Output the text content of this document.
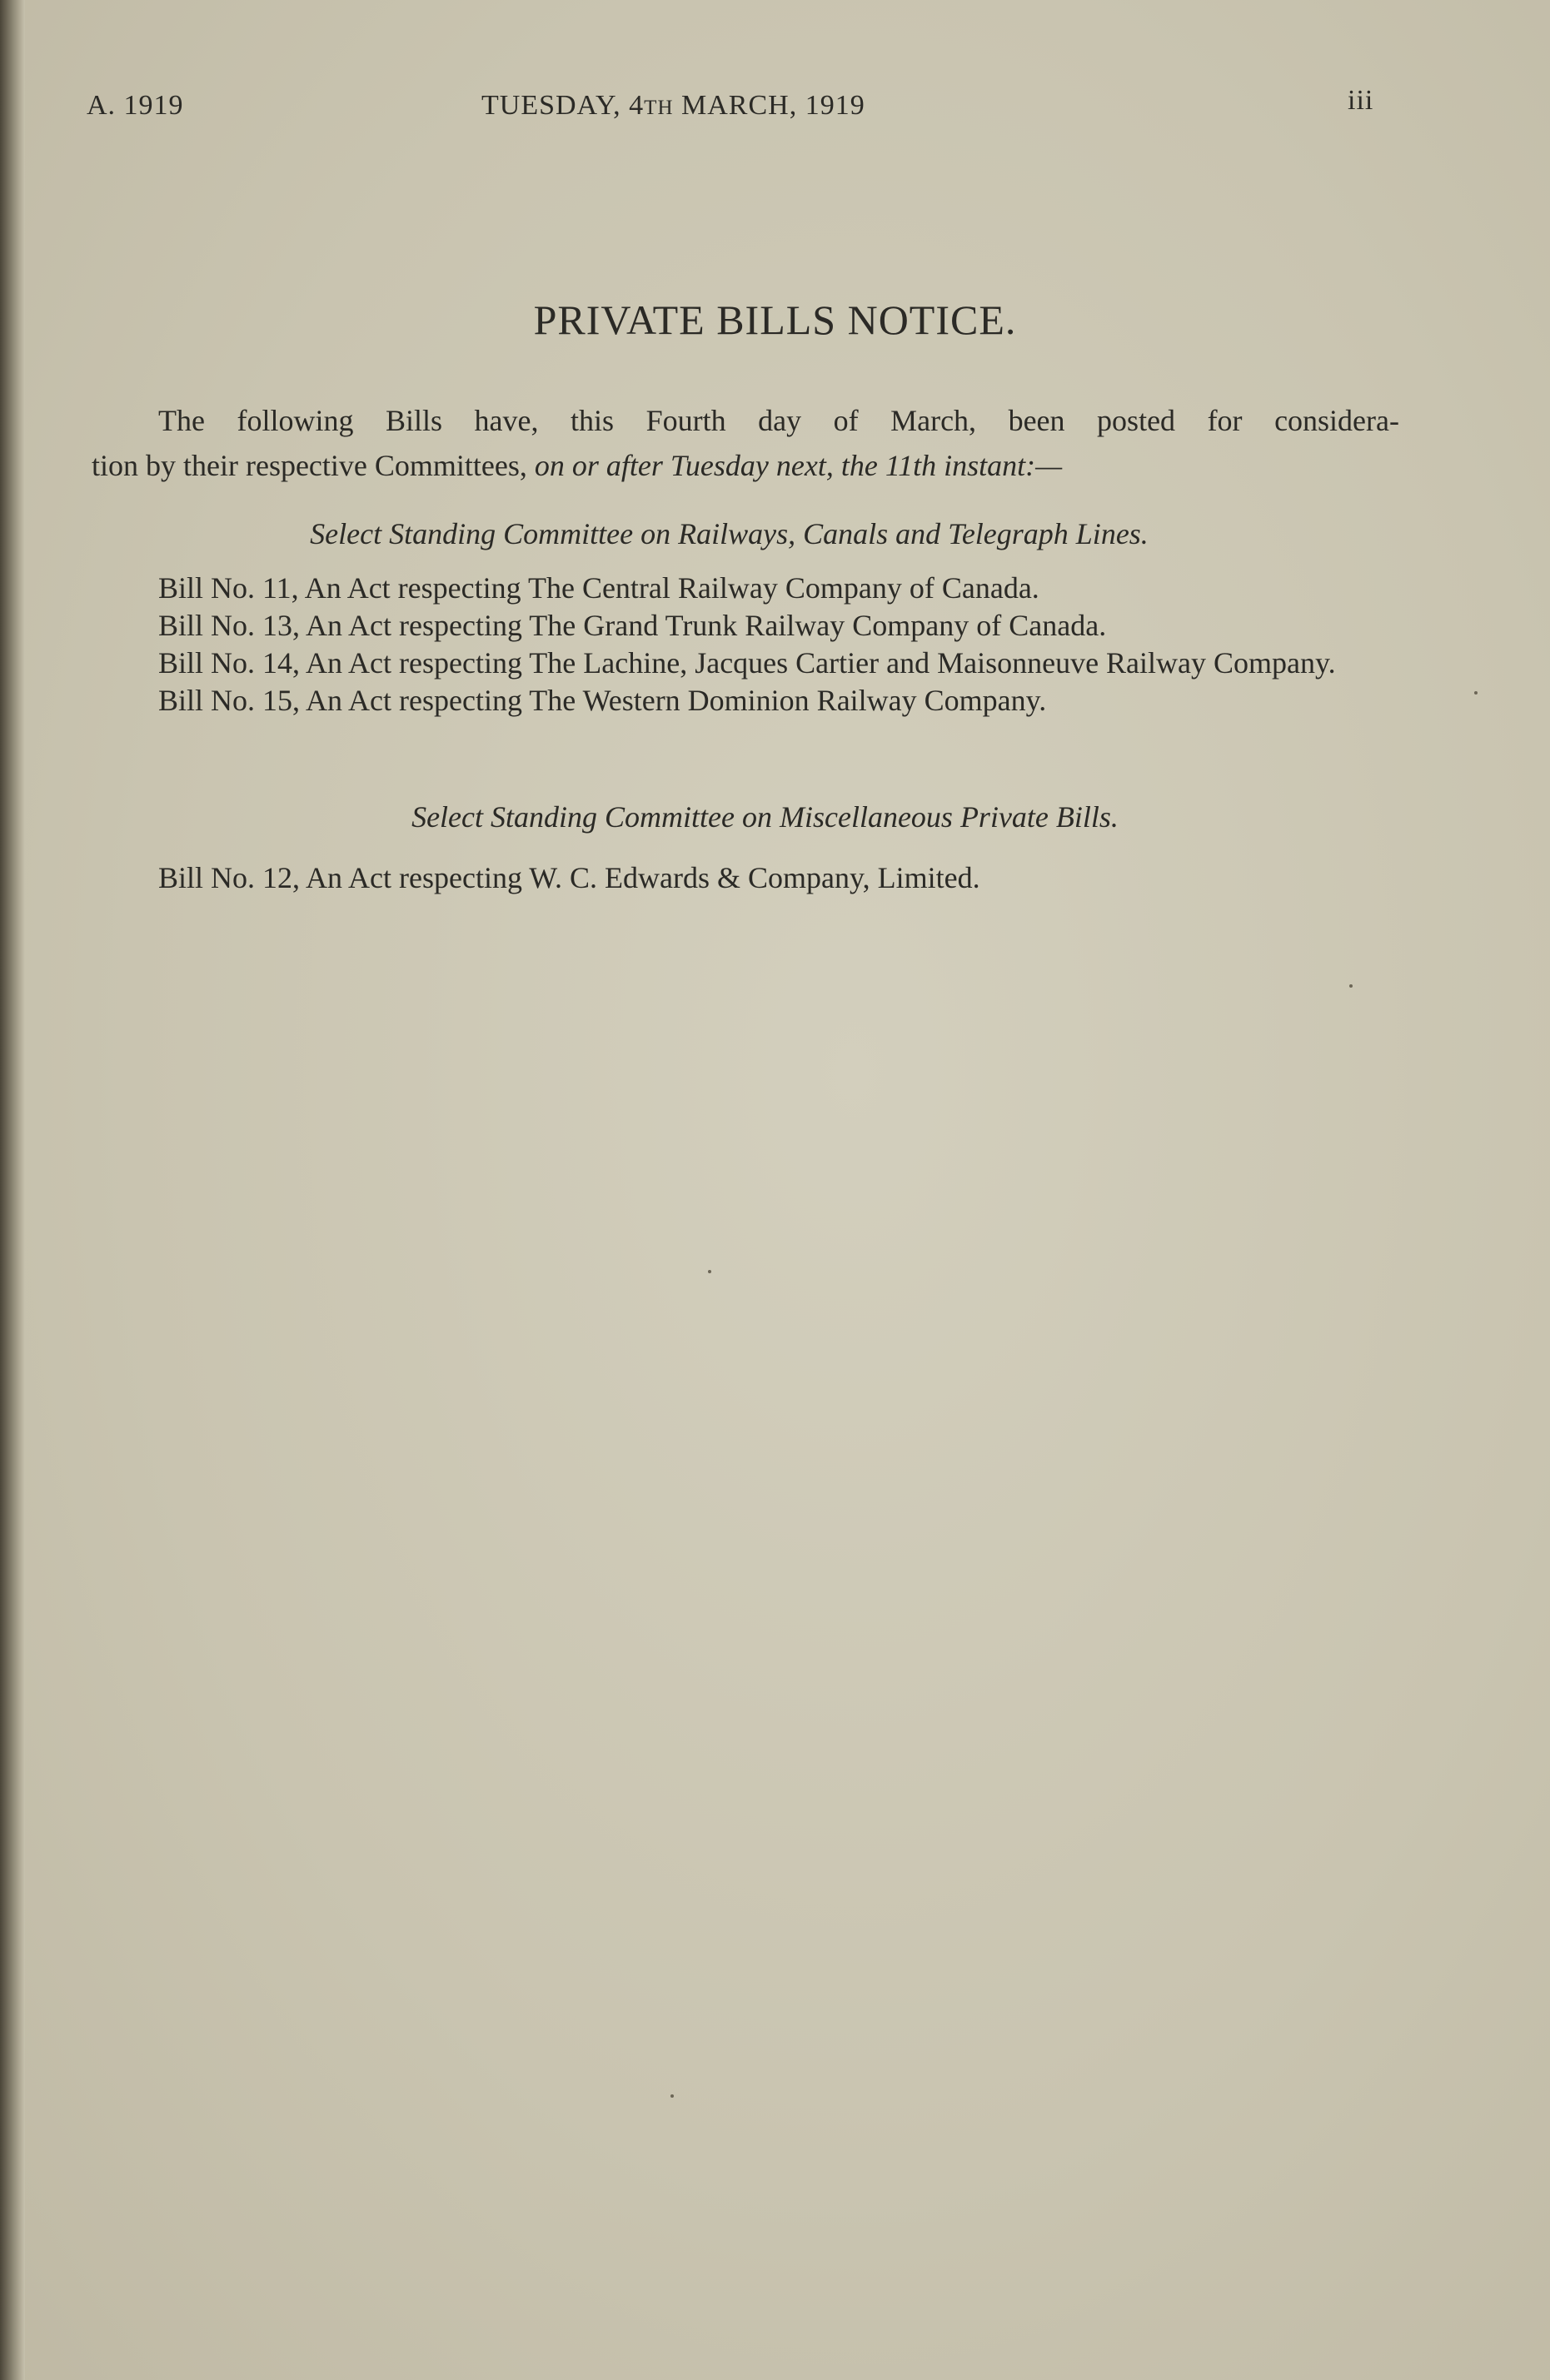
A. 1919	TUESDAY, 4TH MARCH, 1919	iii
PRIVATE BILLS NOTICE.
The following Bills have, this Fourth day of March, been posted for considera-
tion by their respective Committees, on or after Tuesday next, the 11th instant:—
Select Standing Committee on Railways, Canals and Telegraph Lines.
Bill No. 11, An Act respecting The Central Railway Company of Canada.
Bill No. 13, An Act respecting The Grand Trunk Railway Company of Canada.
Bill No. 14, An Act respecting The Lachine, Jacques Cartier and Maisonneuve Railway Company.
Bill No. 15, An Act respecting The Western Dominion Railway Company.
Select Standing Committee on Miscellaneous Private Bills.
Bill No. 12, An Act respecting W. C. Edwards & Company, Limited.
